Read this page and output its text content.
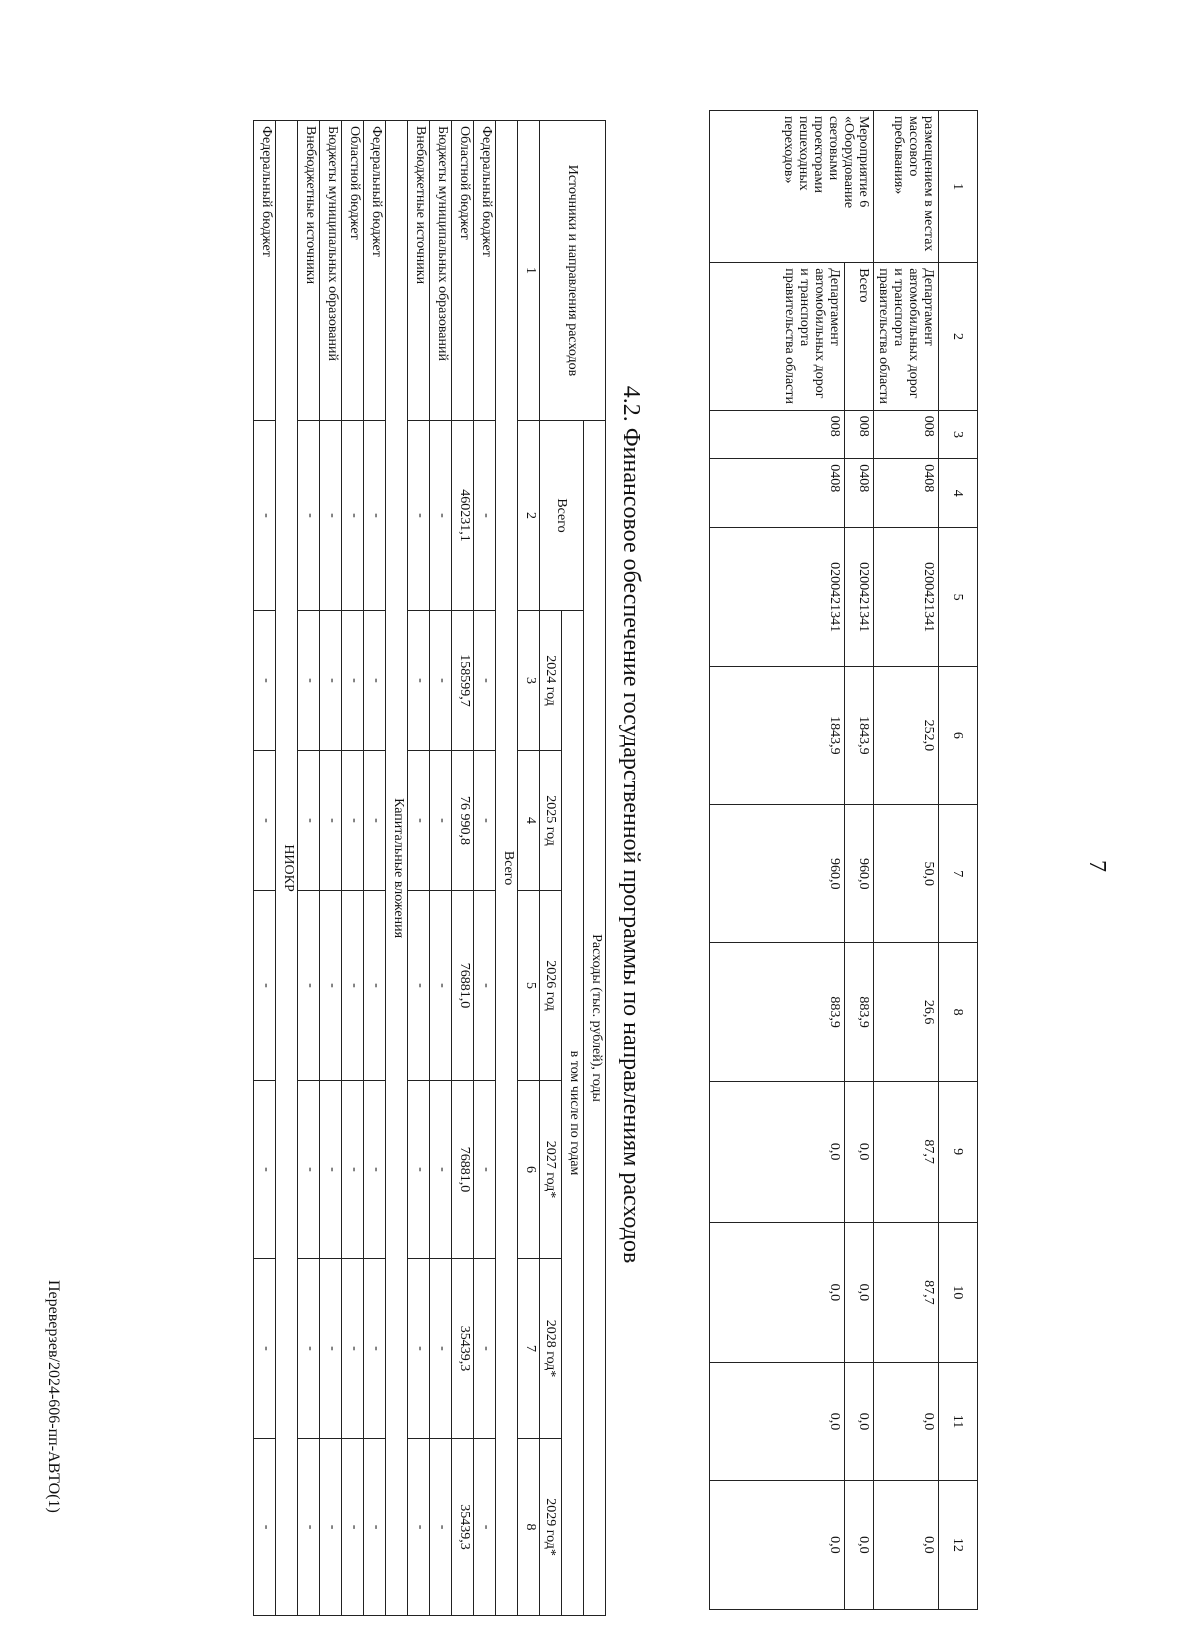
7
1	2	3	4	5	6	7	8	9	10	11	12
размещением в местах массового пребывания»	Департамент автомобильных дорог и транспорта правительства области	008	0408	0200421341	252,0	50,0	26,6	87,7	87,7	0,0	0,0
Мероприятие 6 «Оборудование световыми проекторами пешеходных переходов»	Всего	008	0408	0200421341	1843,9	960,0	883,9	0,0	0,0	0,0	0,0
	Департамент автомобильных дорог и транспорта правительства области	008	0408	0200421341	1843,9	960,0	883,9	0,0	0,0	0,0	0,0
4.2. Финансовое обеспечение государственной программы по направлениям расходов
Источники и направления расходов	Расходы (тыс. рублей), годы						
	Всего	в том числе по годам					
		2024 год	2025 год	2026 год	2027 год*	2028 год*	2029 год*

1	2	3	4	5	6	7	8
Всего							
Федеральный бюджет	-	-	-	-	-	-	-
Областной бюджет	460231,1	158599,7	76 990,8	76881,0	76881,0	35439,3	35439,3
Бюджеты муниципальных образований	-	-	-	-	-	-	-
Внебюджетные источники	-	-	-	-	-	-	-
Капитальные вложения							
Федеральный бюджет	-	-	-	-	-	-	-
Областной бюджет	-	-	-	-	-	-	-
Бюджеты муниципальных образований	-	-	-	-	-	-	-
Внебюджетные источники	-	-	-	-	-	-	-
НИОКР							
Федеральный бюджет	-	-	-	-	-	-	-
Переверзев/2024-606-пп-АВТО(1)
